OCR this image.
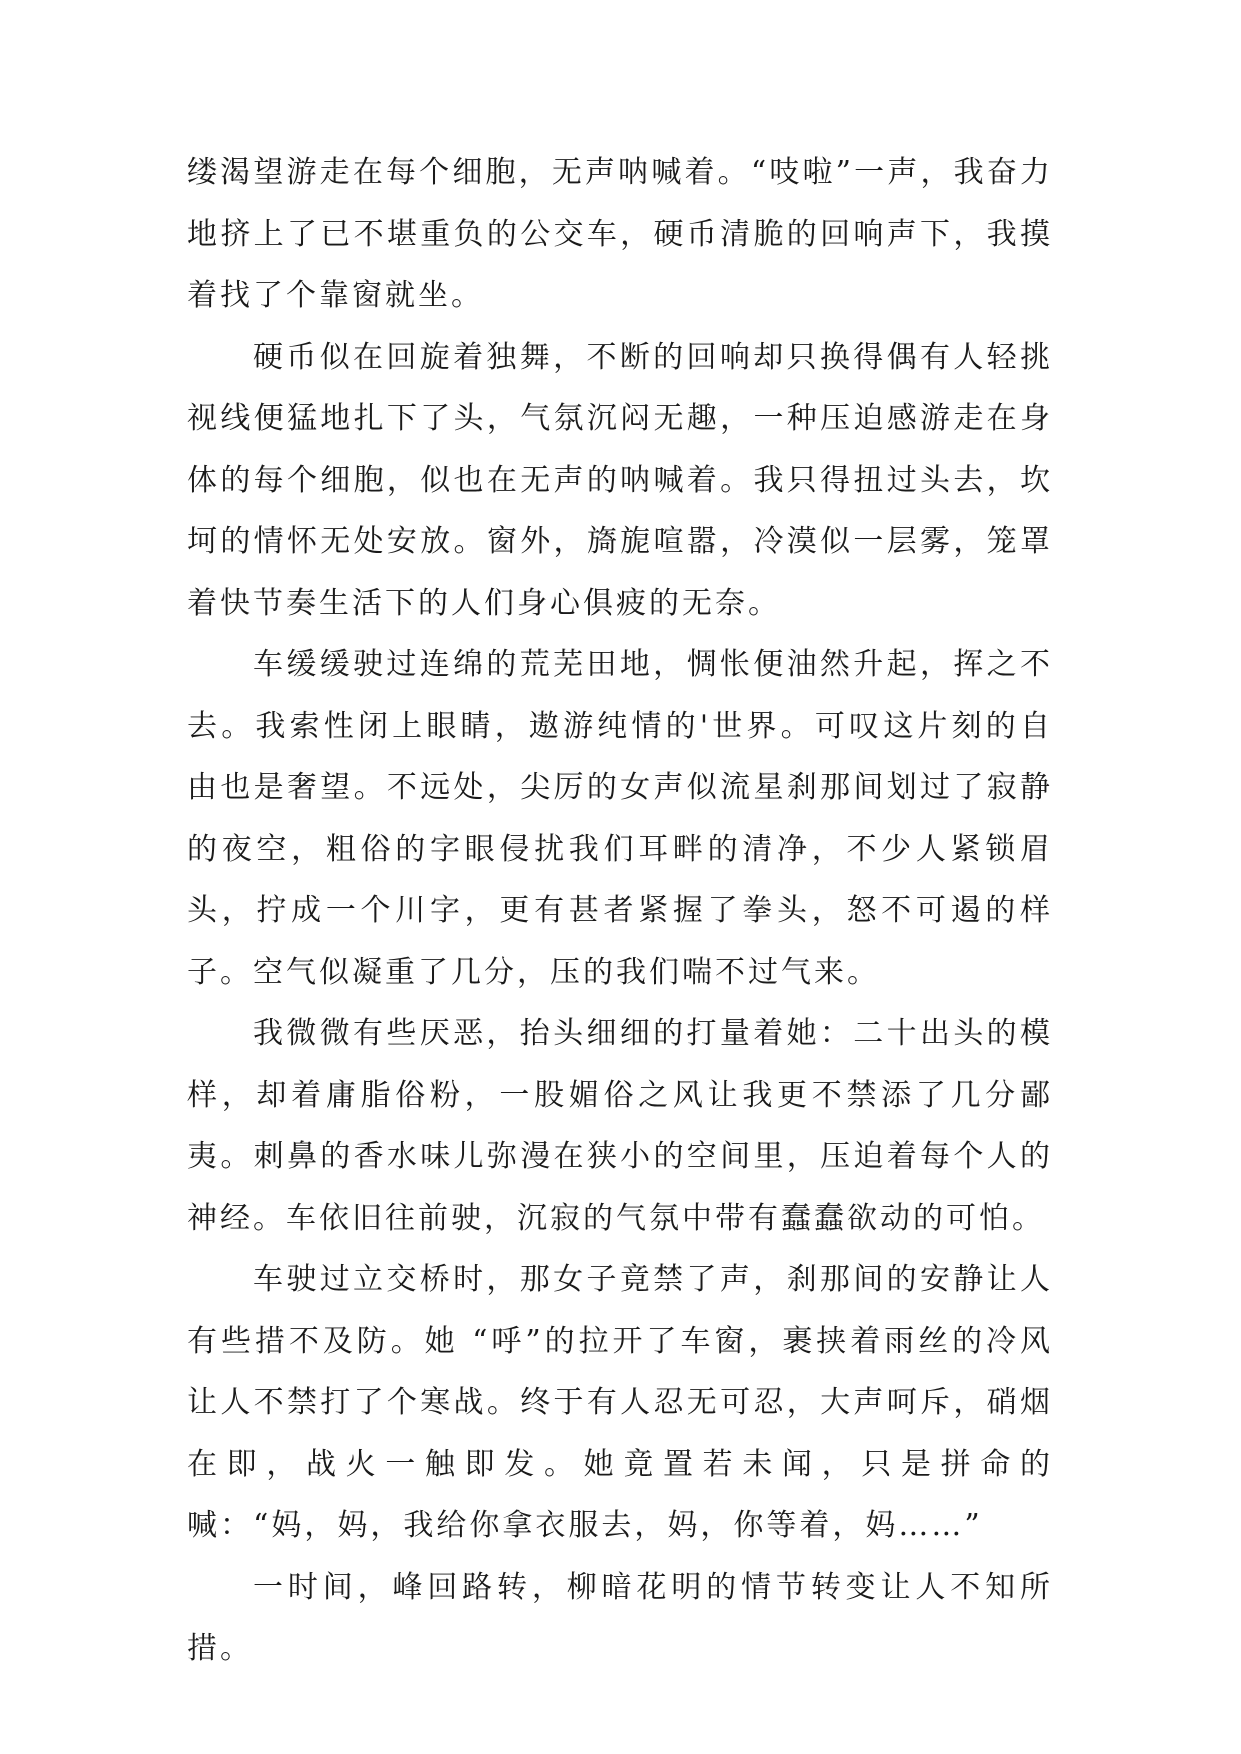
缕渴望游走在每个细胞，无声呐喊着。“吱啦”一声，我奋力地挤上了已不堪重负的公交车，硬币清脆的回响声下，我摸着找了个靠窗就坐。

硬币似在回旋着独舞，不断的回响却只换得偶有人轻挑视线便猛地扎下了头，气氛沉闷无趣，一种压迫感游走在身体的每个细胞，似也在无声的呐喊着。我只得扭过头去，坎坷的情怀无处安放。窗外，旖旎喧嚣，冷漠似一层雾，笼罩着快节奏生活下的人们身心俱疲的无奈。

车缓缓驶过连绵的荒芜田地，惆怅便油然升起，挥之不去。我索性闭上眼睛，遨游纯情的'世界。可叹这片刻的自由也是奢望。不远处，尖厉的女声似流星刹那间划过了寂静的夜空，粗俗的字眼侵扰我们耳畔的清净，不少人紧锁眉头，拧成一个川字，更有甚者紧握了拳头，怒不可遏的样子。空气似凝重了几分，压的我们喘不过气来。

我微微有些厌恶，抬头细细的打量着她：二十出头的模样，却着庸脂俗粉，一股媚俗之风让我更不禁添了几分鄙夷。刺鼻的香水味儿弥漫在狭小的空间里，压迫着每个人的神经。车依旧往前驶，沉寂的气氛中带有蠢蠢欲动的可怕。

车驶过立交桥时，那女子竟禁了声，刹那间的安静让人有些措不及防。她 “呼”的拉开了车窗，裹挟着雨丝的冷风让人不禁打了个寒战。终于有人忍无可忍，大声呵斥，硝烟在即，战火一触即发。她竟置若未闻，只是拼命的喊：“妈，妈，我给你拿衣服去，妈，你等着，妈……”

一时间，峰回路转，柳暗花明的情节转变让人不知所措。
